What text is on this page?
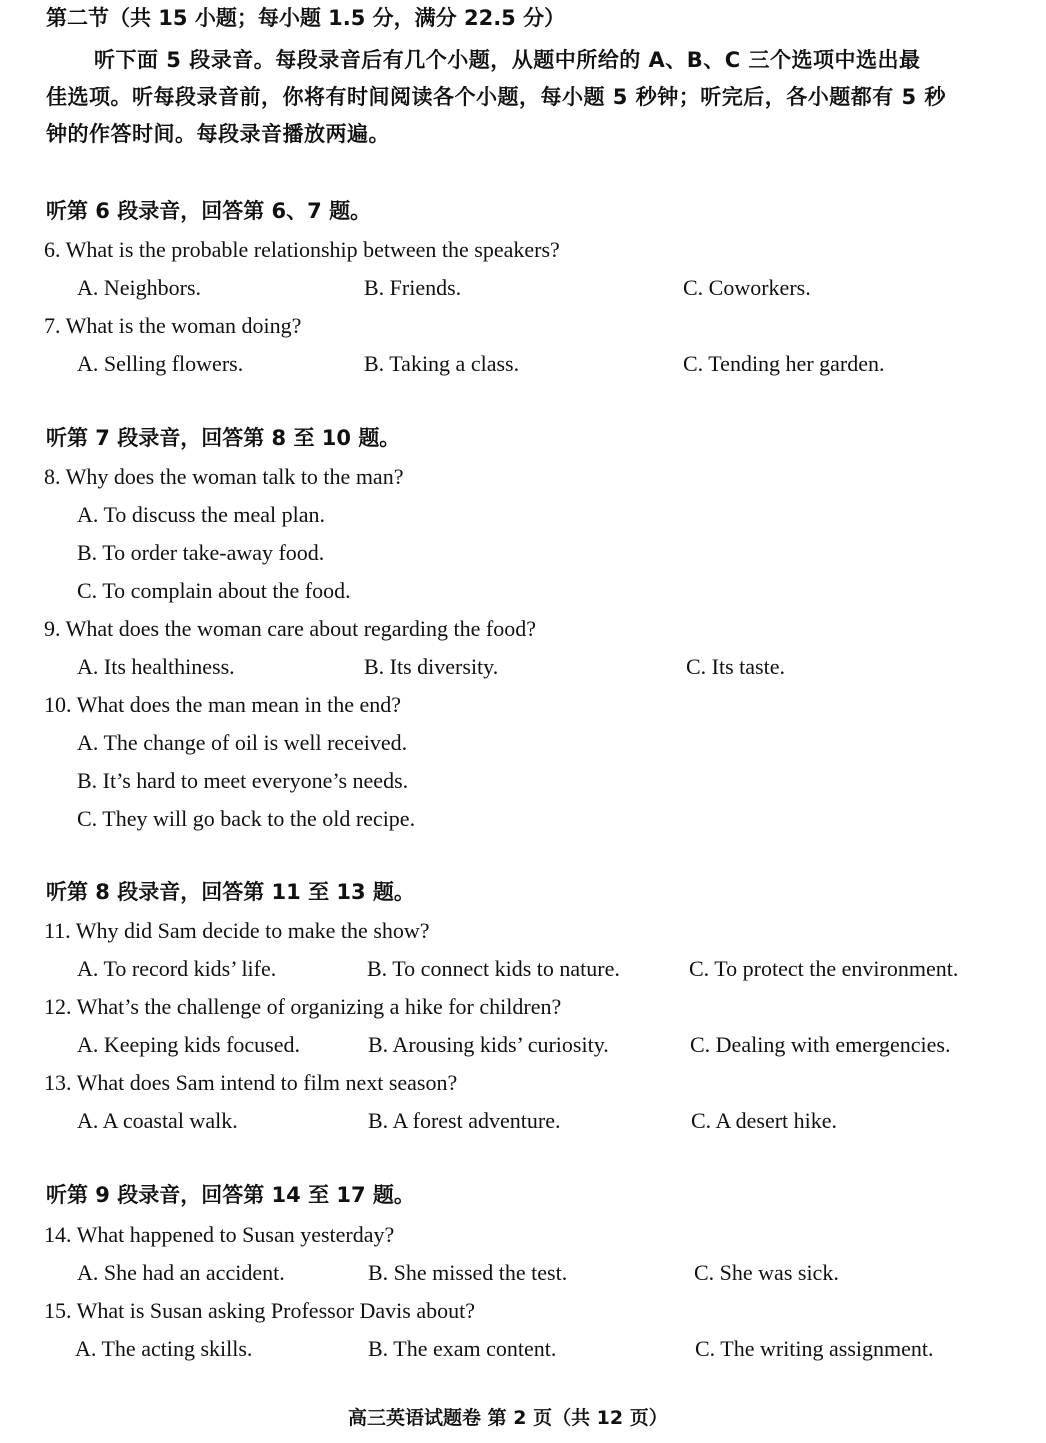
第二节（共 15 小题；每小题 1.5 分，满分 22.5 分）
听下面 5 段录音。每段录音后有几个小题，从题中所给的 A、B、C 三个选项中选出最
佳选项。听每段录音前，你将有时间阅读各个小题，每小题 5 秒钟；听完后，各小题都有 5 秒
钟的作答时间。每段录音播放两遍。
听第 6 段录音，回答第 6、7 题。
6. What is the probable relationship between the speakers?
A. Neighbors.	B. Friends.	C. Coworkers.
7. What is the woman doing?
A. Selling flowers.	B. Taking a class.	C. Tending her garden.
听第 7 段录音，回答第 8 至 10 题。
8. Why does the woman talk to the man?
A. To discuss the meal plan.
B. To order take-away food.
C. To complain about the food.
9. What does the woman care about regarding the food?
A. Its healthiness.	B. Its diversity.	C. Its taste.
10. What does the man mean in the end?
A. The change of oil is well received.
B. It’s hard to meet everyone’s needs.
C. They will go back to the old recipe.
听第 8 段录音，回答第 11 至 13 题。
11. Why did Sam decide to make the show?
A. To record kids’ life.	B. To connect kids to nature.	C. To protect the environment.
12. What’s the challenge of organizing a hike for children?
A. Keeping kids focused.	B. Arousing kids’ curiosity.	C. Dealing with emergencies.
13. What does Sam intend to film next season?
A. A coastal walk.	B. A forest adventure.	C. A desert hike.
听第 9 段录音，回答第 14 至 17 题。
14. What happened to Susan yesterday?
A. She had an accident.	B. She missed the test.	C. She was sick.
15. What is Susan asking Professor Davis about?
A. The acting skills.	B. The exam content.	C. The writing assignment.
高三英语试题卷 第 2 页（共 12 页）
